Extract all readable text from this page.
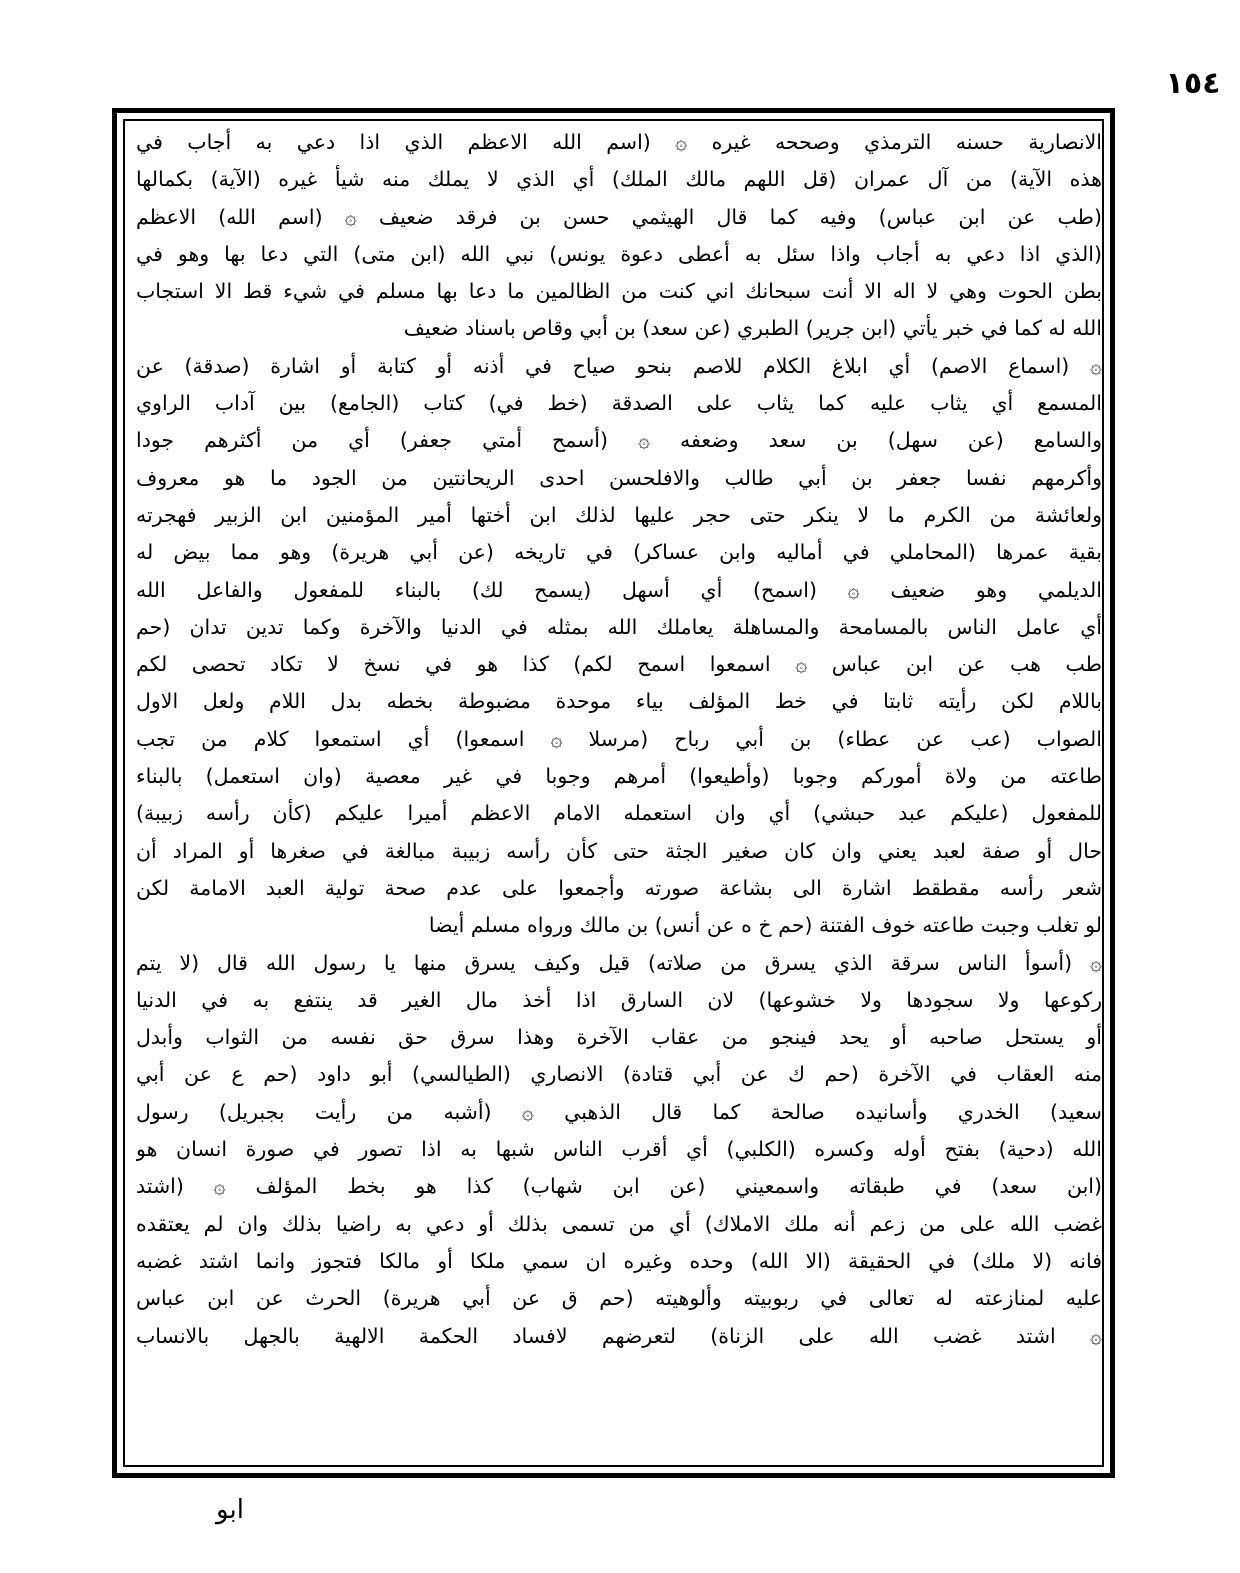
١٥٤
الانصارية حسنه الترمذي وصححه غيره ۞ (اسم الله الاعظم الذي اذا دعي به أجاب في
هذه الآية) من آل عمران (قل اللهم مالك الملك) أي الذي لا يملك منه شيأ غيره (الآية) بكمالها
(طب عن ابن عباس) وفيه كما قال الهيثمي حسن بن فرقد ضعيف ۞ (اسم الله) الاعظم
(الذي اذا دعي به أجاب واذا سئل به أعطى دعوة يونس) نبي الله (ابن متى) التي دعا بها وهو في
بطن الحوت وهي لا اله الا أنت سبحانك اني كنت من الظالمين ما دعا بها مسلم في شيء قط الا استجاب
الله له كما في خبر يأتي (ابن جرير) الطبري (عن سعد) بن أبي وقاص باسناد ضعيف
۞ (اسماع الاصم) أي ابلاغ الكلام للاصم بنحو صياح في أذنه أو كتابة أو اشارة (صدقة) عن
المسمع أي يثاب عليه كما يثاب على الصدقة (خط في) كتاب (الجامع) بين آداب الراوي
والسامع (عن سهل) بن سعد وضعفه ۞ (أسمح أمتي جعفر) أي من أكثرهم جودا
وأكرمهم نفسا جعفر بن أبي طالب والافلحسن احدى الريحانتين من الجود ما هو معروف
ولعائشة من الكرم ما لا ينكر حتى حجر عليها لذلك ابن أختها أمير المؤمنين ابن الزبير فهجرته
بقية عمرها (المحاملي في أماليه وابن عساكر) في تاريخه (عن أبي هريرة) وهو مما بيض له
الديلمي وهو ضعيف ۞ (اسمح) أي أسهل (يسمح لك) بالبناء للمفعول والفاعل الله
أي عامل الناس بالمسامحة والمساهلة يعاملك الله بمثله في الدنيا والآخرة وكما تدين تدان (حم
طب هب عن ابن عباس ۞ اسمعوا اسمح لكم) كذا هو في نسخ لا تكاد تحصى لكم
باللام لكن رأيته ثابتا في خط المؤلف بياء موحدة مضبوطة بخطه بدل اللام ولعل الاول
الصواب (عب عن عطاء) بن أبي رباح (مرسلا ۞ اسمعوا) أي استمعوا كلام من تجب
طاعته من ولاة أموركم وجوبا (وأطيعوا) أمرهم وجوبا في غير معصية (وان استعمل) بالبناء
للمفعول (عليكم عبد حبشي) أي وان استعمله الامام الاعظم أميرا عليكم (كأن رأسه زبيبة)
حال أو صفة لعبد يعني وان كان صغير الجثة حتى كأن رأسه زبيبة مبالغة في صغرها أو المراد أن
شعر رأسه مقطقط اشارة الى بشاعة صورته وأجمعوا على عدم صحة تولية العبد الامامة لكن
لو تغلب وجبت طاعته خوف الفتنة (حم خ ه عن أنس) بن مالك ورواه مسلم أيضا
۞ (أسوأ الناس سرقة الذي يسرق من صلاته) قيل وكيف يسرق منها يا رسول الله قال (لا يتم
ركوعها ولا سجودها ولا خشوعها) لان السارق اذا أخذ مال الغير قد ينتفع به في الدنيا
أو يستحل صاحبه أو يحد فينجو من عقاب الآخرة وهذا سرق حق نفسه من الثواب وأبدل
منه العقاب في الآخرة (حم ك عن أبي قتادة) الانصاري (الطيالسي) أبو داود (حم ع عن أبي
سعيد) الخدري وأسانيده صالحة كما قال الذهبي ۞ (أشبه من رأيت بجبريل) رسول
الله (دحية) بفتح أوله وكسره (الكلبي) أي أقرب الناس شبها به اذا تصور في صورة انسان هو
(ابن سعد) في طبقاته واسمعيني (عن ابن شهاب) كذا هو بخط المؤلف ۞ (اشتد
غضب الله على من زعم أنه ملك الاملاك) أي من تسمى بذلك أو دعي به راضيا بذلك وان لم يعتقده
فانه (لا ملك) في الحقيقة (الا الله) وحده وغيره ان سمي ملكا أو مالكا فتجوز وانما اشتد غضبه
عليه لمنازعته له تعالى في ربوبيته وألوهيته (حم ق عن أبي هريرة) الحرث عن ابن عباس
۞ اشتد غضب الله على الزناة) لتعرضهم لافساد الحكمة الالهية بالجهل بالانساب
ابو
